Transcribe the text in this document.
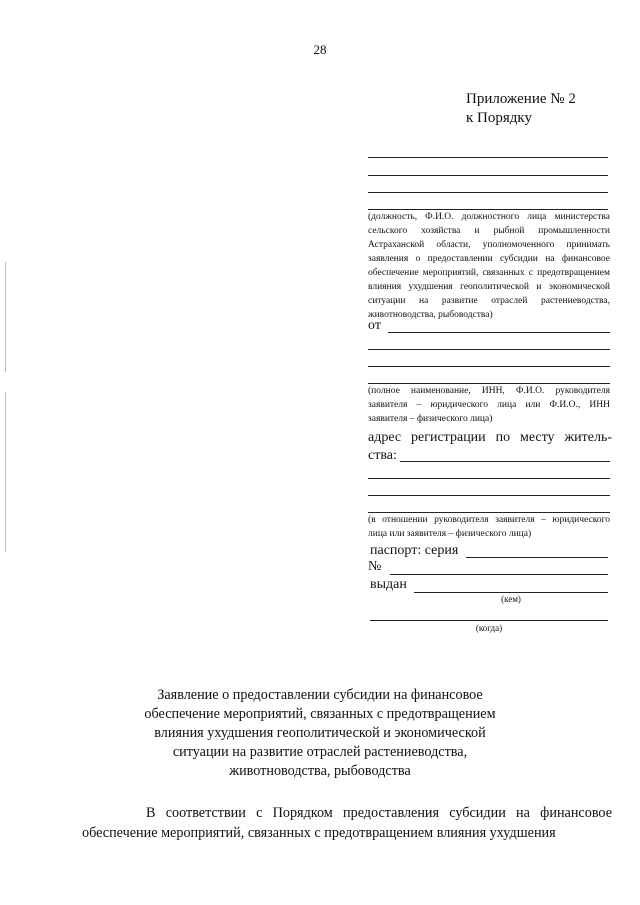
28
Приложение № 2
к Порядку
(должность, Ф.И.О. должностного лица министерства сельского хозяйства и рыбной промышленности Астраханской области, уполномоченного принимать заявления о предоставлении субсидии на финансовое обеспечение мероприятий, связанных с предотвращением влияния ухудшения геополитической и экономической ситуации на развитие отраслей растениеводства, животноводства, рыбоводства)
от
(полное наименование, ИНН, Ф.И.О. руководителя заявителя – юридического лица или Ф.И.О., ИНН заявителя – физического лица)
адрес регистрации по месту житель-
ства:
(в отношении руководителя заявителя – юридического лица или заявителя – физического лица)
паспорт: серия
№
выдан
(кем)
(когда)
Заявление о предоставлении субсидии на финансовое
обеспечение мероприятий, связанных с предотвращением
влияния ухудшения геополитической и экономической
ситуации на развитие отраслей растениеводства,
животноводства, рыбоводства
В соответствии с Порядком предоставления субсидии на финансовое обеспечение мероприятий, связанных с предотвращением влияния ухудшения
